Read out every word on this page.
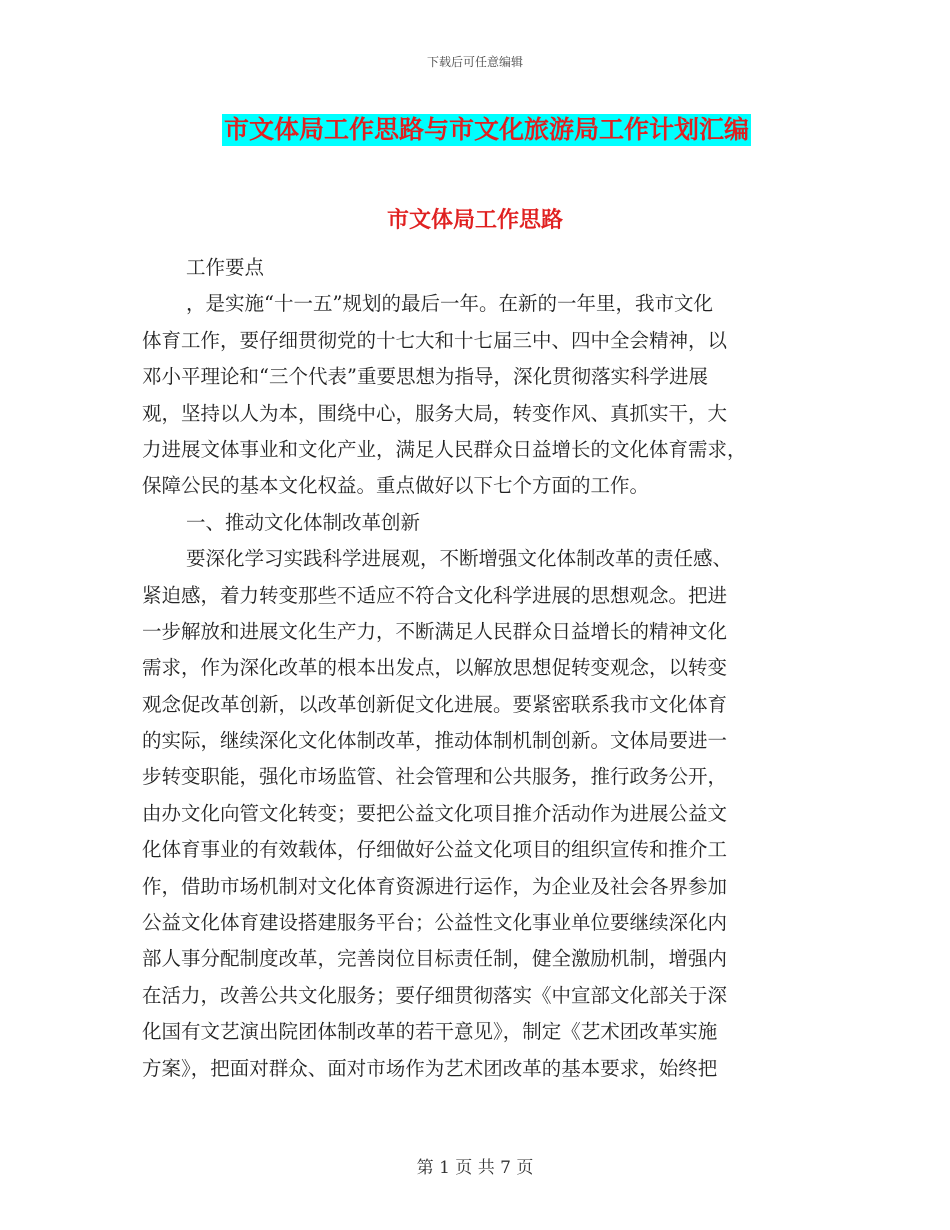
下载后可任意编辑
市文体局工作思路与市文化旅游局工作计划汇编
市文体局工作思路
工作要点
，是实施“十一五”规划的最后一年。在新的一年里，我市文化
体育工作，要仔细贯彻党的十七大和十七届三中、四中全会精神，以
邓小平理论和“三个代表”重要思想为指导，深化贯彻落实科学进展
观，坚持以人为本，围绕中心，服务大局，转变作风、真抓实干，大
力进展文体事业和文化产业，满足人民群众日益增长的文化体育需求，
保障公民的基本文化权益。重点做好以下七个方面的工作。
一、推动文化体制改革创新
要深化学习实践科学进展观，不断增强文化体制改革的责任感、
紧迫感，着力转变那些不适应不符合文化科学进展的思想观念。把进
一步解放和进展文化生产力，不断满足人民群众日益增长的精神文化
需求，作为深化改革的根本出发点，以解放思想促转变观念，以转变
观念促改革创新，以改革创新促文化进展。要紧密联系我市文化体育
的实际，继续深化文化体制改革，推动体制机制创新。文体局要进一
步转变职能，强化市场监管、社会管理和公共服务，推行政务公开，
由办文化向管文化转变；要把公益文化项目推介活动作为进展公益文
化体育事业的有效载体，仔细做好公益文化项目的组织宣传和推介工
作，借助市场机制对文化体育资源进行运作，为企业及社会各界参加
公益文化体育建设搭建服务平台；公益性文化事业单位要继续深化内
部人事分配制度改革，完善岗位目标责任制，健全激励机制，增强内
在活力，改善公共文化服务；要仔细贯彻落实《中宣部文化部关于深
化国有文艺演出院团体制改革的若干意见》，制定《艺术团改革实施
方案》，把面对群众、面对市场作为艺术团改革的基本要求，始终把
第 1 页 共 7 页
